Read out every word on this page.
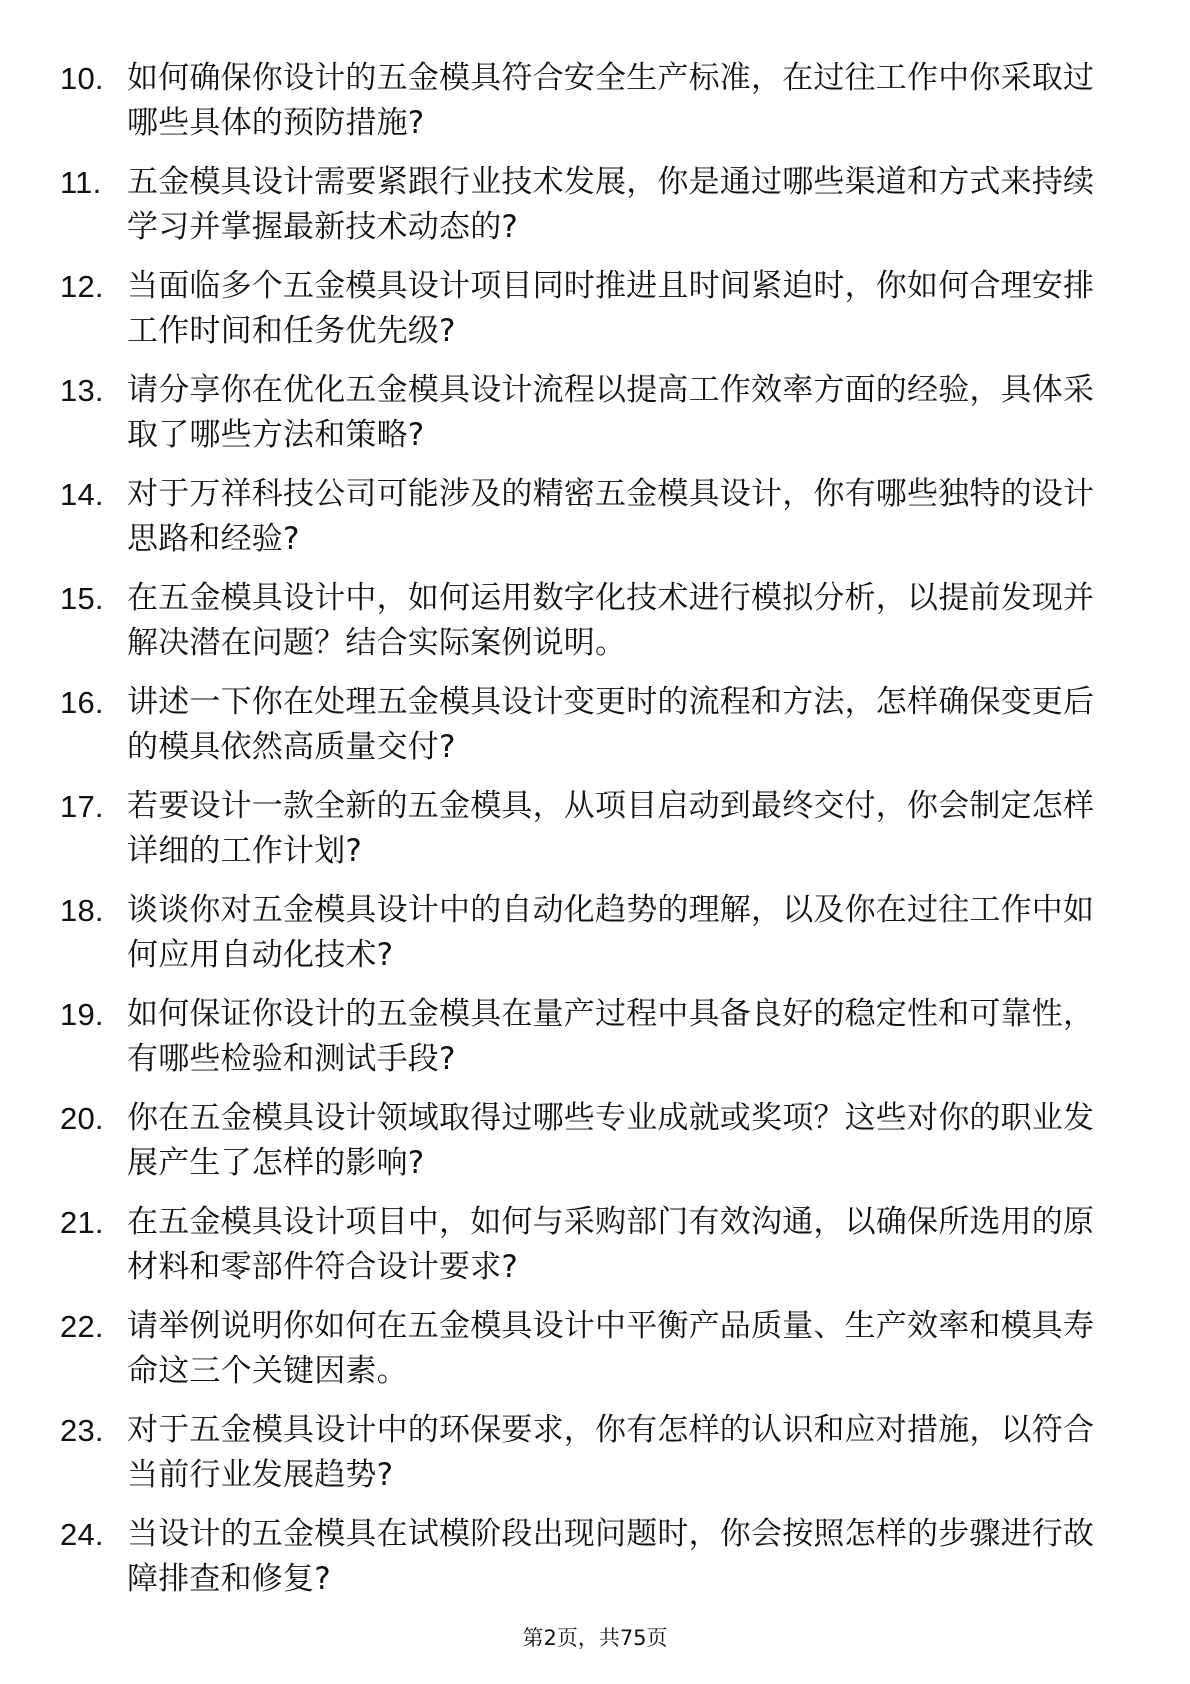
10. 如何确保你设计的五金模具符合安全生产标准，在过往工作中你采取过哪些具体的预防措施?
11. 五金模具设计需要紧跟行业技术发展，你是通过哪些渠道和方式来持续学习并掌握最新技术动态的?
12. 当面临多个五金模具设计项目同时推进且时间紧迫时，你如何合理安排工作时间和任务优先级?
13. 请分享你在优化五金模具设计流程以提高工作效率方面的经验，具体采取了哪些方法和策略?
14. 对于万祥科技公司可能涉及的精密五金模具设计，你有哪些独特的设计思路和经验?
15. 在五金模具设计中，如何运用数字化技术进行模拟分析，以提前发现并解决潜在问题？结合实际案例说明。
16. 讲述一下你在处理五金模具设计变更时的流程和方法，怎样确保变更后的模具依然高质量交付?
17. 若要设计一款全新的五金模具，从项目启动到最终交付，你会制定怎样详细的工作计划?
18. 谈谈你对五金模具设计中的自动化趋势的理解，以及你在过往工作中如何应用自动化技术?
19. 如何保证你设计的五金模具在量产过程中具备良好的稳定性和可靠性，有哪些检验和测试手段?
20. 你在五金模具设计领域取得过哪些专业成就或奖项？这些对你的职业发展产生了怎样的影响?
21. 在五金模具设计项目中，如何与采购部门有效沟通，以确保所选用的原材料和零部件符合设计要求?
22. 请举例说明你如何在五金模具设计中平衡产品质量、生产效率和模具寿命这三个关键因素。
23. 对于五金模具设计中的环保要求，你有怎样的认识和应对措施，以符合当前行业发展趋势?
24. 当设计的五金模具在试模阶段出现问题时，你会按照怎样的步骤进行故障排查和修复?
第2页，共75页
